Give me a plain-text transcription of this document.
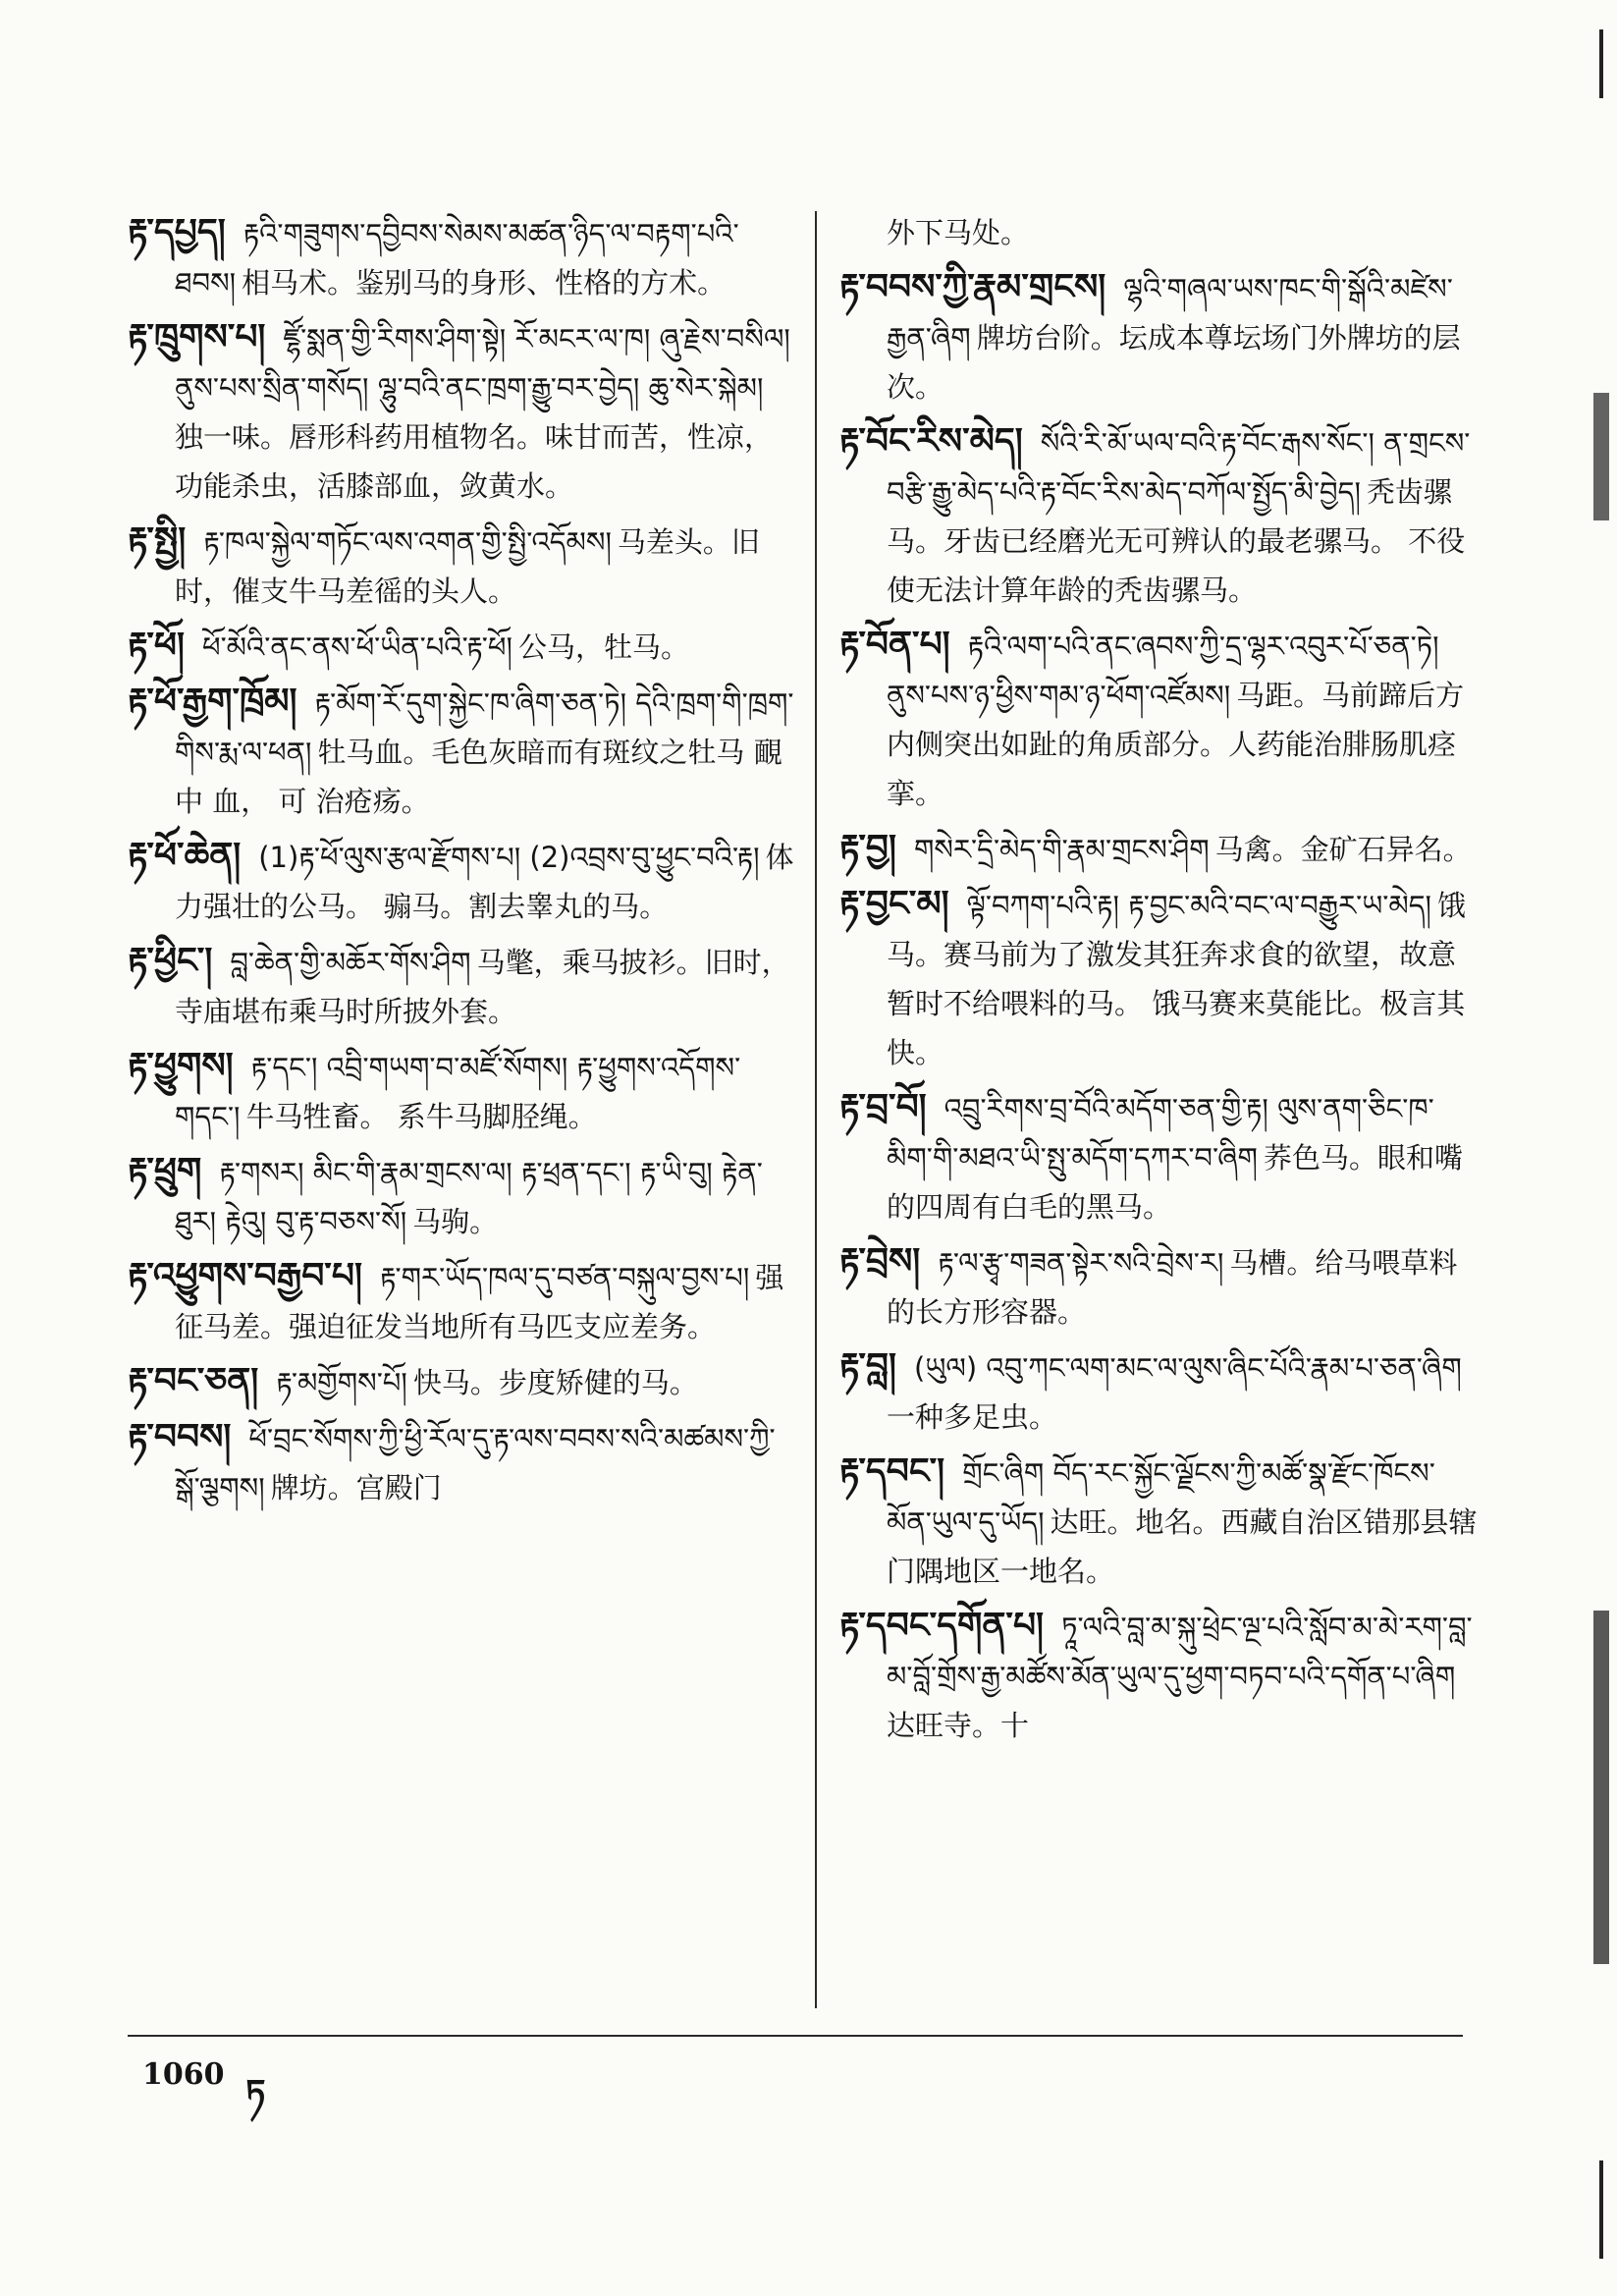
རྟ་དཔྱད། རྟའི་གཟུགས་དབྱིབས་སེམས་མཚན་ཉིད་ལ་བརྟག་པའི་ཐབས། 相马术。鉴别马的身形、性格的方术。

རྟ་ཁྲུགས་པ། ཛྷོ་སྨན་གྱི་རིགས་ཤིག་སྟེ། རོ་མངར་ལ་ཁ། ཞུ་རྗེས་བསིལ། ནུས་པས་སྲིན་གསོད། ལྷུ་བའི་ནང་ཁྲག་རྒྱུ་བར་བྱེད། ཆུ་སེར་སྐེམ།独一味。唇形科药用植物名。味甘而苦，性凉，功能杀虫，活膝部血，敛黄水。

རྟ་སྤྱི། རྟ་ཁལ་སྐྱེལ་གཏོང་ལས་འགན་གྱི་སྤྱི་འདོམས། 马差头。旧时，催支牛马差徭的头人。

རྟ་ཕོ། ཕོ་མོའི་ནང་ནས་ཕོ་ཡིན་པའི་རྟ་ཕོ། 公马，牡马。

རྟ་ཕོ་རྒྱག་ཁྲོམ། རྟ་མོག་རོ་དུག་སྐྱེང་ཁ་ཞིག་ཅན་ཏེ། དེའི་ཁྲག་གི་ཁྲག་གིས་རྨ་ལ་ཕན། 牡马血。毛色灰暗而有斑纹之牡马 靦 中 血， 可 治疮疡。

རྟ་ཕོ་ཆེན། (1)རྟ་ཕོ་ལུས་རྩལ་རྫོགས་པ། (2)འབྲས་བུ་ཕྱུང་བའི་རྟ། 体力强壮的公马。 骟马。割去睾丸的马。

རྟ་ཕྱིང་། བླ་ཆེན་གྱི་མཆོར་གོས་ཤིག 马氅，乘马披衫。旧时，寺庙堪布乘马时所披外套。

རྟ་ཕྱུགས། རྟ་དང་། འབྲི་གཡག་བ་མཛོ་སོགས། རྟ་ཕྱུགས་འདོགས་གདང་། 牛马牲畜。 系牛马脚胫绳。

རྟ་ཕྲུག རྟ་གསར། མིང་གི་རྣམ་གྲངས་ལ། རྟ་ཕྲན་དང་། རྟ་ཡི་བུ། རྟེན་ཐུར། རྟེའུ། བུ་རྟ་བཅས་སོ། 马驹。

རྟ་འཕྱུགས་བརྒྱབ་པ། རྟ་གར་ཡོད་ཁལ་དུ་བཙན་བསྐུལ་བྱས་པ། 强征马差。强迫征发当地所有马匹支应差务。

རྟ་བང་ཅན། རྟ་མགྱོགས་པོ། 快马。步度矫健的马。

རྟ་བབས། ཕོ་བྲང་སོགས་ཀྱི་ཕྱི་རོལ་དུ་རྟ་ལས་བབས་སའི་མཚམས་ཀྱི་སྒོ་ལྕགས། 牌坊。宫殿门

外下马处。

རྟ་བབས་ཀྱི་རྣམ་གྲངས། ལྷའི་གཞལ་ཡས་ཁང་གི་སྒོའི་མཛེས་རྒྱན་ཞིག 牌坊台阶。坛成本尊坛场门外牌坊的层次。

རྟ་བོང་རིས་མེད། སོའི་རི་མོ་ཡལ་བའི་རྟ་བོང་རྒས་སོང་། ན་གྲངས་བརྩི་རྒྱུ་མེད་པའི་རྟ་བོང་རིས་མེད་བཀོལ་སྤྱོད་མི་བྱེད། 秃齿骡马。牙齿已经磨光无可辨认的最老骡马。 不役使无法计算年龄的秃齿骡马。

རྟ་བོན་པ། རྟའི་ལག་པའི་ནང་ཞབས་ཀྱི་དྲ་ལྷར་འབུར་པོ་ཅན་ཏེ། ནུས་པས་ཉ་ཕྱིས་གམ་ཉ་ཕོག་འཛོམས། 马距。马前蹄后方内侧突出如趾的角质部分。人药能治腓肠肌痉挛。

རྟ་བྱ། གསེར་དྲི་མེད་གི་རྣམ་གྲངས་ཤིག 马禽。金矿石异名。

རྟ་བྱང་མ། ལྟོ་བཀག་པའི་རྟ། རྟ་བྱང་མའི་བང་ལ་བརྒྱུར་ཡ་མེད། 饿马。赛马前为了激发其狂奔求食的欲望，故意暂时不给喂料的马。 饿马赛来莫能比。极言其快。

རྟ་བྲ་བོ། འབྲུ་རིགས་བྲ་བོའི་མདོག་ཅན་གྱི་རྟ། ལུས་ནག་ཅིང་ཁ་མིག་གི་མཐའ་ཡི་སྤུ་མདོག་དཀར་བ་ཞིག 荞色马。眼和嘴的四周有白毛的黑马。

རྟ་བྲེས། རྟ་ལ་རྩྭ་གཟན་སྟེར་སའི་བྲེས་ར། 马槽。给马喂草料的长方形容器。

རྟ་བླ། (ཡུལ) འབུ་ཀང་ལག་མང་ལ་ལུས་ཞིང་པོའི་རྣམ་པ་ཅན་ཞིག一种多足虫。

རྟ་དབང་། གྲོང་ཞིག བོད་རང་སྐྱོང་ལྗོངས་ཀྱི་མཚོ་སྣ་རྫོང་ཁོངས་མོན་ཡུལ་དུ་ཡོད། 达旺。地名。西藏自治区错那县辖门隅地区一地名。

རྟ་དབང་དགོན་པ། ཏཱ་ལའི་བླ་མ་སྐུ་ཕྲེང་ལྔ་པའི་སློབ་མ་མེ་རག་བླ་མ་བློ་གྲོས་རྒྱ་མཚོས་མོན་ཡུལ་དུ་ཕྱག་བཏབ་པའི་དགོན་པ་ཞིག达旺寺。十

1060 ཏ
